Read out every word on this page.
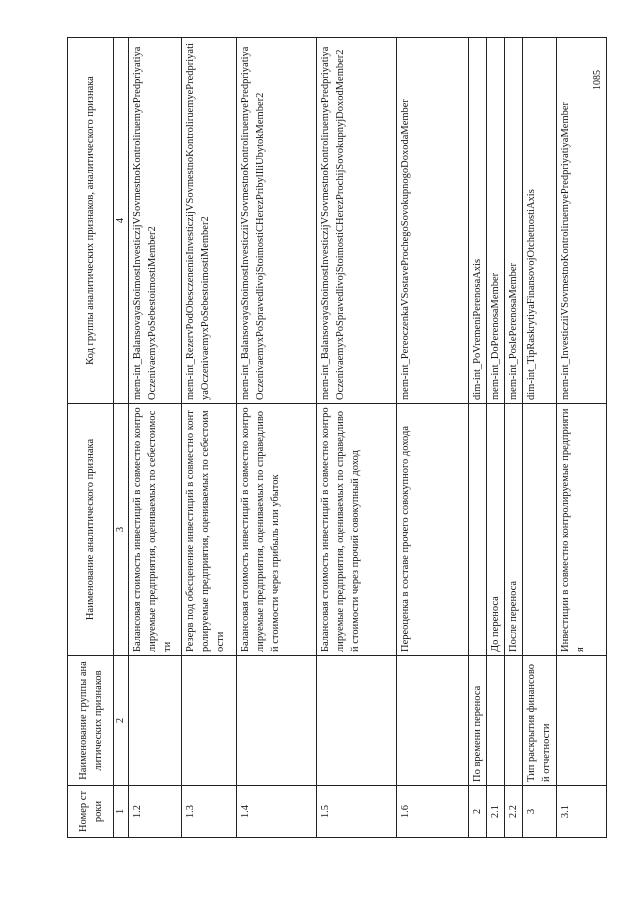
1085
Номер строки	Наименование группы аналитических признаков	Наименование аналитического признака	Код группы аналитических признаков, аналитического признака
1	2	3	4
1.2		Балансовая стоимость инвестиций в совместно контролируемые предприятия, оцениваемых по себестоимости	mem-int_BalansovayaStoimostInvesticzijVSovmestnoKontroliruemyePredpriyatiyaOczenivaemyxPoSebestoimostiMember2
1.3		Резерв под обесценение инвестиций в совместно контролируемые предприятия, оцениваемых по себестоимости	mem-int_RezervPodObesczenenieInvesticzijVSovmestnoKontroliruemyePredpriyatiyaOczenivaemyxPoSebestoimostiMember2
1.4		Балансовая стоимость инвестиций в совместно контролируемые предприятия, оцениваемых по справедливой стоимости через прибыль или убыток	mem-int_BalansovayaStoimostInvesticziiVSovmestnoKontroliruemyePredpriyatiyaOczenivaemyxPoSpravedlivojStoimostiCHerezPribylIliUbytokMember2
1.5		Балансовая стоимость инвестиций в совместно контролируемые предприятия, оцениваемых по справедливой стоимости через прочий совокупный доход	mem-int_BalansovayaStoimostInvesticzijVSovmestnoKontroliruemyePredpriyatiyaOczenivaemyxPoSpravedlivojStoimostiCHerezProchijSovokupnyjDoxodMember2
1.6		Переоценка в составе прочего совокупного дохода	mem-int_PereoczenkaVSostaveProchegoSovokupnogoDoxodaMember
2	По времени переноса		dim-int_PoVremeniPerenosaAxis
2.1		До переноса	mem-int_DoPerenosaMember
2.2		После переноса	mem-int_PoslePerenosaMember
3	Тип раскрытия финансовой отчетности		dim-int_TipRaskrytiyaFinansovojOtchetnostiAxis
3.1		Инвестиции в совместно контролируемые предприятия	mem-int_InvesticziiVSovmestnoKontroliruemyePredpriyatiyaMember
